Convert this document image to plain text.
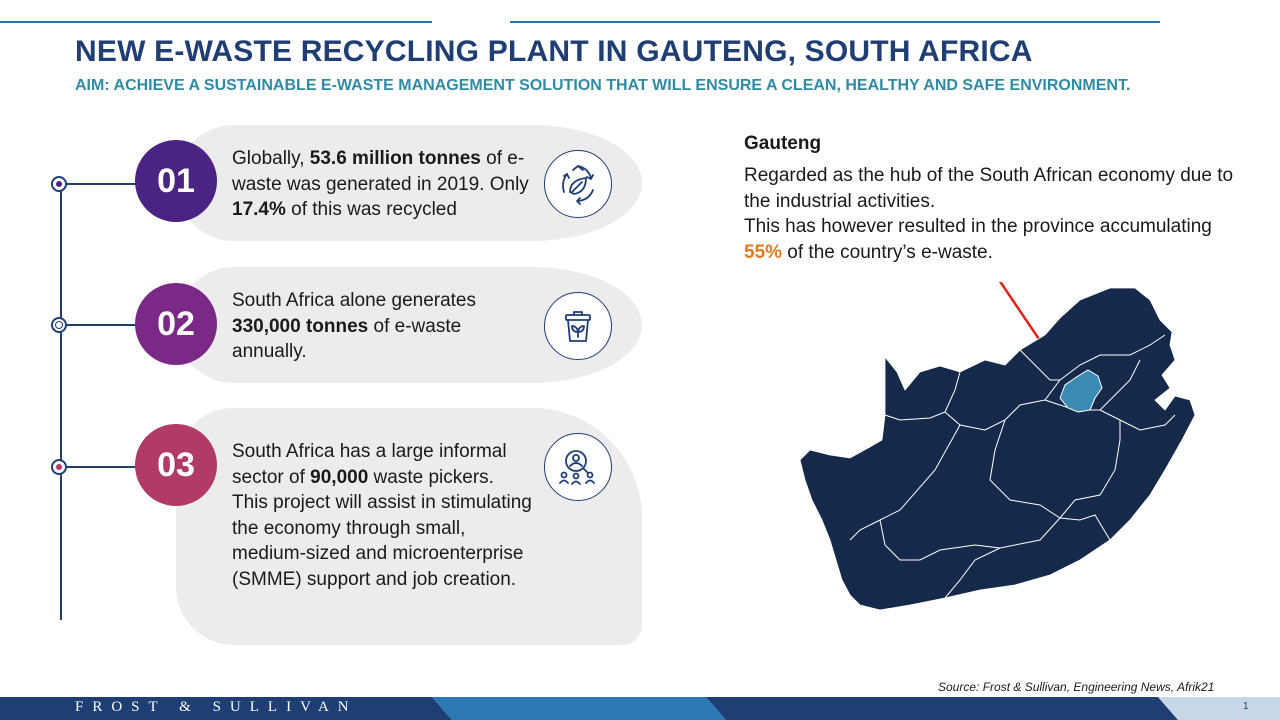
NEW E-WASTE RECYCLING PLANT IN GAUTENG, SOUTH AFRICA
AIM: ACHIEVE A SUSTAINABLE E-WASTE MANAGEMENT SOLUTION THAT WILL ENSURE A CLEAN, HEALTHY AND SAFE ENVIRONMENT.
01
Globally, 53.6 million tonnes of e-waste was generated in 2019. Only 17.4% of this was recycled
02
South Africa alone generates 330,000 tonnes of e-waste annually.
03	South Africa has a large informal sector of 90,000 waste pickers. This project will assist in stimulating the economy through small, medium-sized and microenterprise (SMME) support and job creation.
Gauteng
Regarded as the hub of the South African economy due to the industrial activities.
This has however resulted in the province accumulating 55% of the country’s e-waste.
Source: Frost & Sullivan, Engineering News, Afrik21
FROST & SULLIVAN	1
